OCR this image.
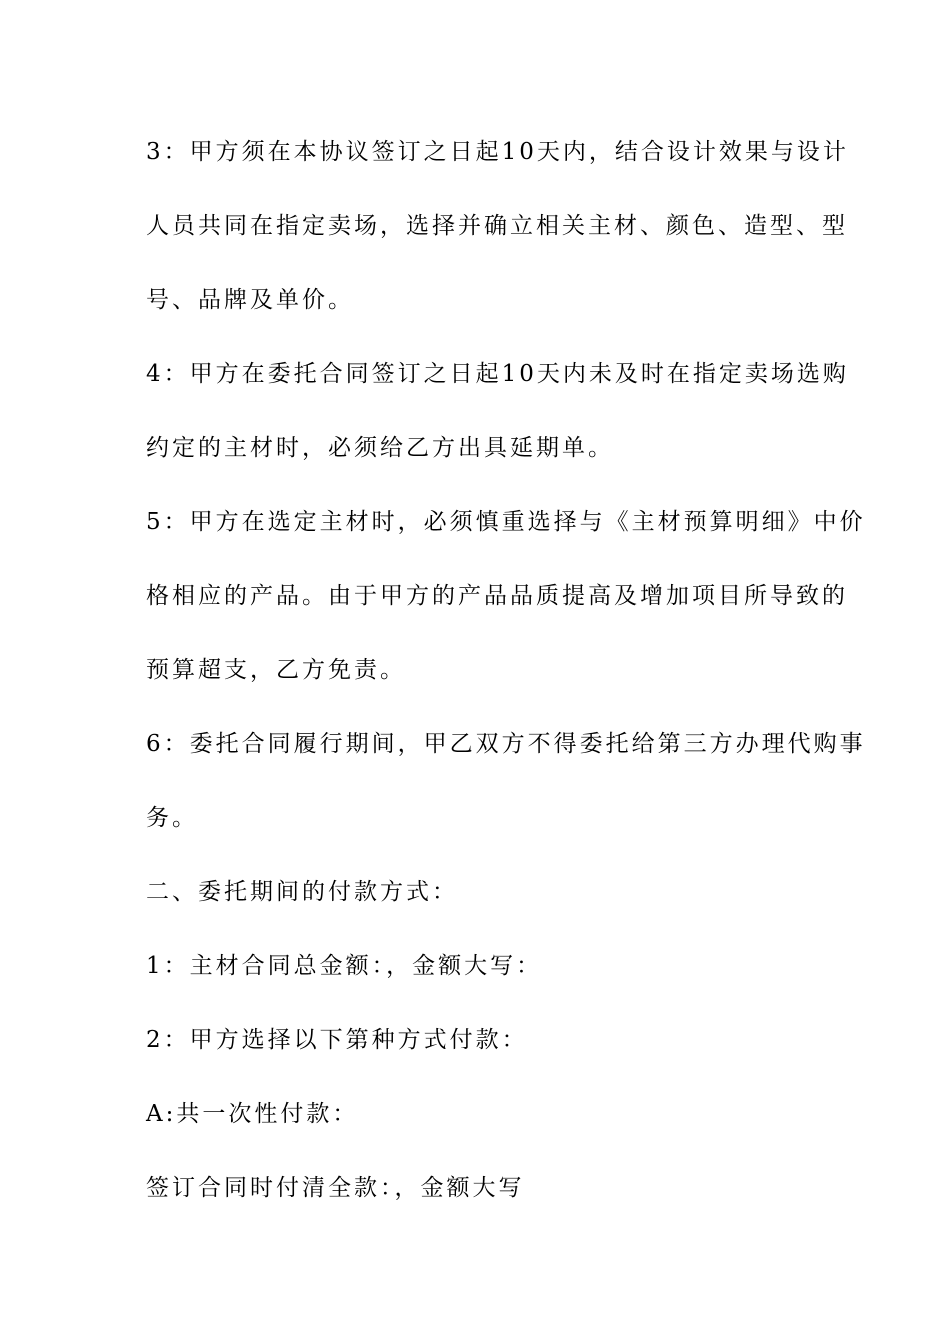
3：甲方须在本协议签订之日起10天内，结合设计效果与设计

人员共同在指定卖场，选择并确立相关主材、颜色、造型、型

号、品牌及单价。

4：甲方在委托合同签订之日起10天内未及时在指定卖场选购

约定的主材时，必须给乙方出具延期单。

5：甲方在选定主材时，必须慎重选择与《主材预算明细》中价

格相应的产品。由于甲方的产品品质提高及增加项目所导致的

预算超支，乙方免责。

6：委托合同履行期间，甲乙双方不得委托给第三方办理代购事

务。

二、委托期间的付款方式：

1：主材合同总金额：，金额大写：

2：甲方选择以下第种方式付款：

A:共一次性付款：

签订合同时付清全款：，金额大写
